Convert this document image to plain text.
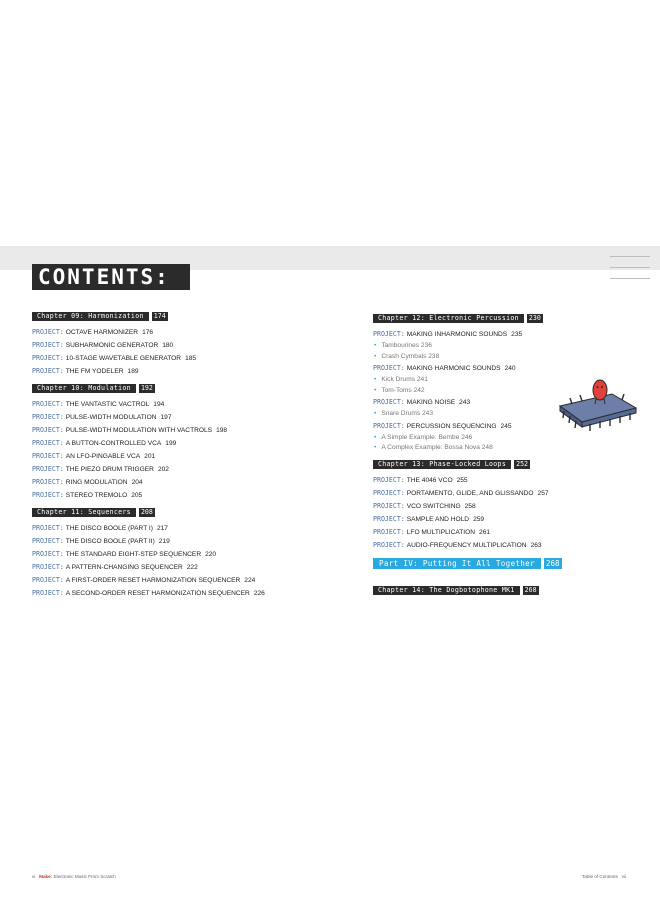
CONTENTS:
Chapter 09: Harmonization	174
PROJECT: OCTAVE HARMONIZER 176
PROJECT: SUBHARMONIC GENERATOR 180
PROJECT: 10-STAGE WAVETABLE GENERATOR 185
PROJECT: THE FM YODELER 189
Chapter 10: Modulation	192
PROJECT: THE VANTASTIC VACTROL 194
PROJECT: PULSE-WIDTH MODULATION 197
PROJECT: PULSE-WIDTH MODULATION WITH VACTROLS 198
PROJECT: A BUTTON-CONTROLLED VCA 199
PROJECT: AN LFO-PINGABLE VCA 201
PROJECT: THE PIEZO DRUM TRIGGER 202
PROJECT: RING MODULATION 204
PROJECT: STEREO TREMOLO 205
Chapter 11: Sequencers	208
PROJECT: THE DISCO BOOLE (PART I) 217
PROJECT: THE DISCO BOOLE (PART II) 219
PROJECT: THE STANDARD EIGHT-STEP SEQUENCER 220
PROJECT: A PATTERN-CHANGING SEQUENCER 222
PROJECT: A FIRST-ORDER RESET HARMONIZATION SEQUENCER 224
PROJECT: A SECOND-ORDER RESET HARMONIZATION SEQUENCER 226
Chapter 12: Electronic Percussion	230
PROJECT: MAKING INHARMONIC SOUNDS 235
• Tambourines 236
• Crash Cymbals 238
PROJECT: MAKING HARMONIC SOUNDS 240
• Kick Drums 241
• Tom-Toms 242
PROJECT: MAKING NOISE 243
• Snare Drums 243
PROJECT: PERCUSSION SEQUENCING 245
• A Simple Example: Bembe 246
• A Complex Example: Bossa Nova 248
Chapter 13: Phase-Locked Loops	252
PROJECT: THE 4046 VCO 255
PROJECT: PORTAMENTO, GLIDE, AND GLISSANDO 257
PROJECT: VCO SWITCHING 258
PROJECT: SAMPLE AND HOLD 259
PROJECT: LFO MULTIPLICATION 261
PROJECT: AUDIO-FREQUENCY MULTIPLICATION 263
Part IV: Putting It All Together	268
Chapter 14: The Dogbotophone MK1	268
vi Make: Electronic Music From Scratch	Table of Contents vii
